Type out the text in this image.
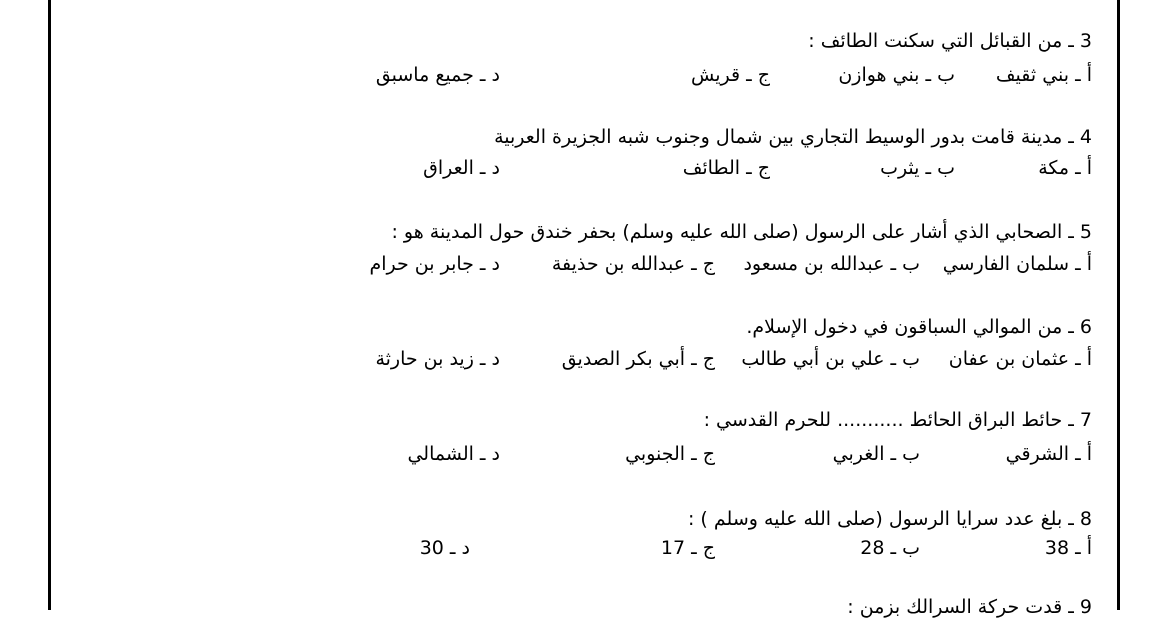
3 ـ من القبائل التي سكنت الطائف :
أ ـ بني ثقيف
ب ـ بني هوازن
ج ـ قريش
د ـ جميع ماسبق
4 ـ مدينة قامت بدور الوسيط التجاري بين شمال وجنوب شبه الجزيرة العربية
أ ـ مكة
ب ـ يثرب
ج ـ الطائف
د ـ العراق
5 ـ الصحابي الذي أشار على الرسول (صلى الله عليه وسلم) بحفر خندق حول المدينة هو :
أ ـ سلمان الفارسي
ب ـ عبدالله بن مسعود
ج ـ عبدالله بن حذيفة
د ـ جابر بن حرام
6 ـ من الموالي السباقون في دخول الإسلام.
أ ـ عثمان بن عفان
ب ـ علي بن أبي طالب
ج ـ أبي بكر الصديق
د ـ زيد بن حارثة
7 ـ حائط البراق الحائط ........... للحرم القدسي :
أ ـ الشرقي
ب ـ الغربي
ج ـ الجنوبي
د ـ الشمالي
8 ـ بلغ عدد سرايا الرسول (صلى الله عليه وسلم ) :
أ ـ 38
ب ـ 28
ج ـ 17
د ـ 30
9 ـ قدت حركة السرالك بزمن :
